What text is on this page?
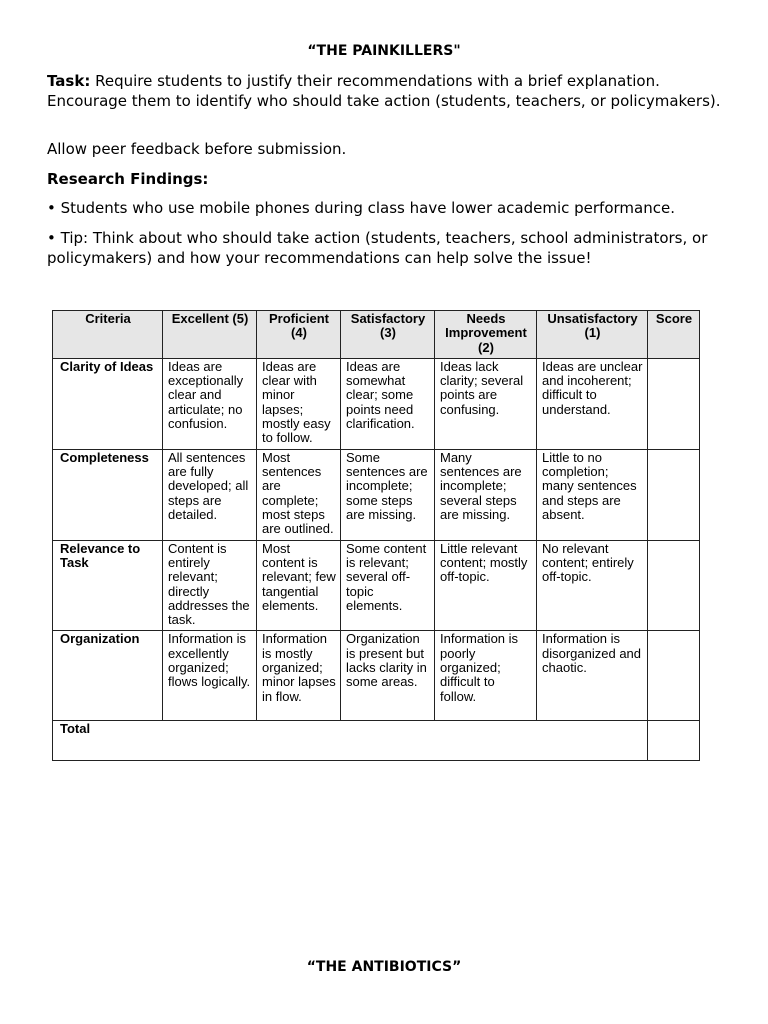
“THE PAINKILLERS"

Task: Require students to justify their recommendations with a brief explanation. Encourage them to identify who should take action (students, teachers, or policymakers).

Allow peer feedback before submission.

Research Findings:

• Students who use mobile phones during class have lower academic performance.

• Tip: Think about who should take action (students, teachers, school administrators, or policymakers) and how your recommendations can help solve the issue!

Criteria	Excellent (5)	Proficient (4)	Satisfactory (3)	Needs Improvement (2)	Unsatisfactory (1)	Score
Clarity of Ideas	Ideas are exceptionally clear and articulate; no confusion.	Ideas are clear with minor lapses; mostly easy to follow.	Ideas are somewhat clear; some points need clarification.	Ideas lack clarity; several points are confusing.	Ideas are unclear and incoherent; difficult to understand.	
Completeness	All sentences are fully developed; all steps are detailed.	Most sentences are complete; most steps are outlined.	Some sentences are incomplete; some steps are missing.	Many sentences are incomplete; several steps are missing.	Little to no completion; many sentences and steps are absent.	
Relevance to Task	Content is entirely relevant; directly addresses the task.	Most content is relevant; few tangential elements.	Some content is relevant; several off-topic elements.	Little relevant content; mostly off-topic.	No relevant content; entirely off-topic.	
Organization	Information is excellently organized; flows logically.	Information is mostly organized; minor lapses in flow.	Organization is present but lacks clarity in some areas.	Information is poorly organized; difficult to follow.	Information is disorganized and chaotic.	
Total						
“THE ANTIBIOTICS”
